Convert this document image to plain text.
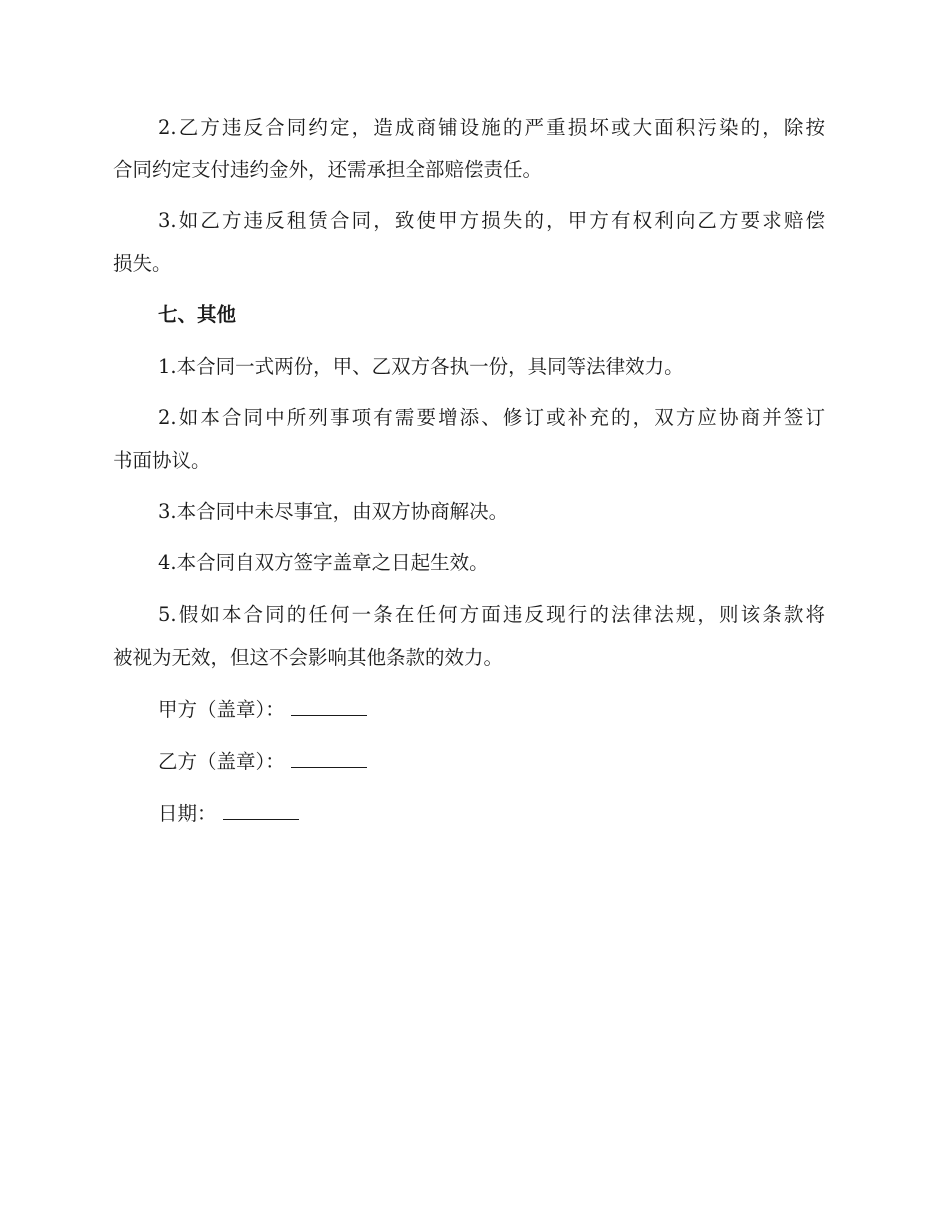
2.乙方违反合同约定，造成商铺设施的严重损坏或大面积污染的，除按
合同约定支付违约金外，还需承担全部赔偿责任。
3.如乙方违反租赁合同，致使甲方损失的，甲方有权利向乙方要求赔偿
损失。
七、其他
1.本合同一式两份，甲、乙双方各执一份，具同等法律效力。
2.如本合同中所列事项有需要增添、修订或补充的，双方应协商并签订
书面协议。
3.本合同中未尽事宜，由双方协商解决。
4.本合同自双方签字盖章之日起生效。
5.假如本合同的任何一条在任何方面违反现行的法律法规，则该条款将
被视为无效，但这不会影响其他条款的效力。
甲方（盖章）：
乙方（盖章）：
日期：
